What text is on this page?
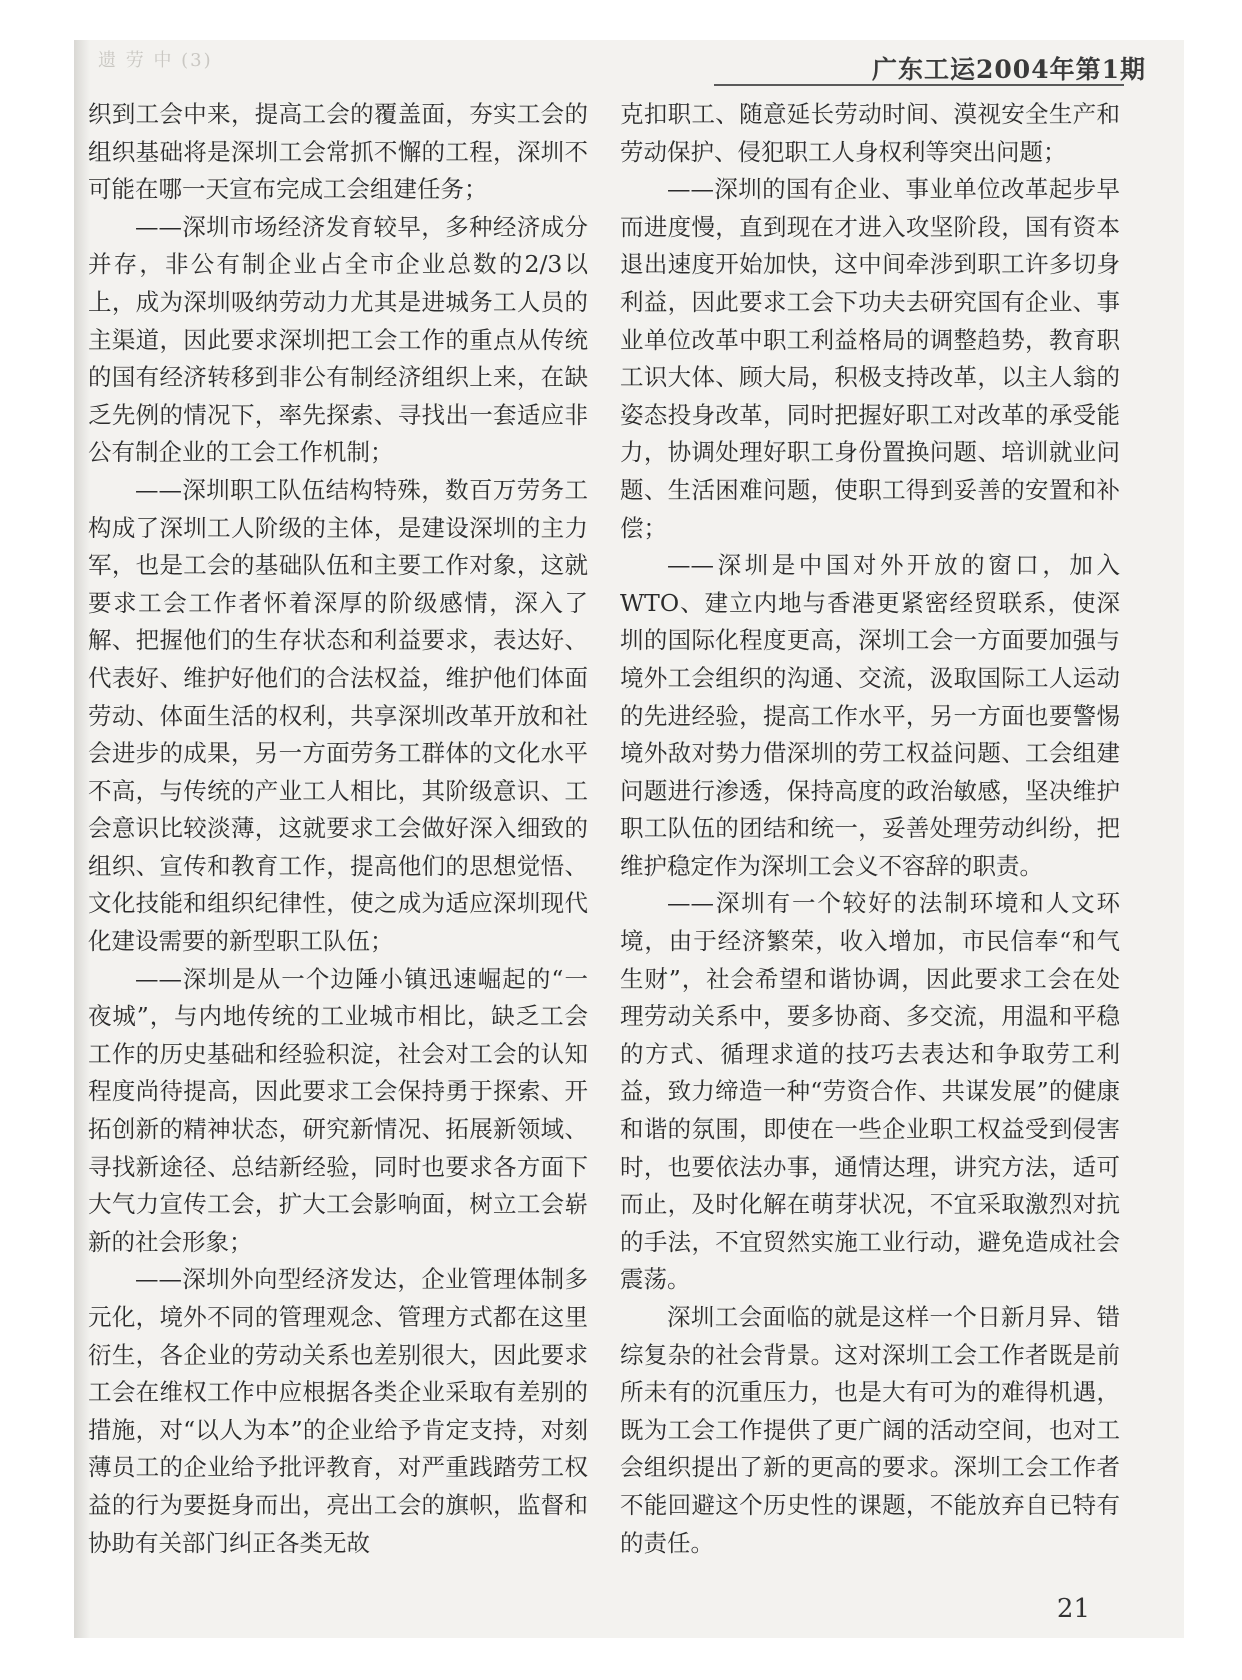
遗 劳 中 (3)	广东工运2004年第1期

织到工会中来，提高工会的覆盖面，夯实工会的组织基础将是深圳工会常抓不懈的工程，深圳不可能在哪一天宣布完成工会组建任务；

——深圳市场经济发育较早，多种经济成分并存，非公有制企业占全市企业总数的2/3以上，成为深圳吸纳劳动力尤其是进城务工人员的主渠道，因此要求深圳把工会工作的重点从传统的国有经济转移到非公有制经济组织上来，在缺乏先例的情况下，率先探索、寻找出一套适应非公有制企业的工会工作机制；

——深圳职工队伍结构特殊，数百万劳务工构成了深圳工人阶级的主体，是建设深圳的主力军，也是工会的基础队伍和主要工作对象，这就要求工会工作者怀着深厚的阶级感情，深入了解、把握他们的生存状态和利益要求，表达好、代表好、维护好他们的合法权益，维护他们体面劳动、体面生活的权利，共享深圳改革开放和社会进步的成果，另一方面劳务工群体的文化水平不高，与传统的产业工人相比，其阶级意识、工会意识比较淡薄，这就要求工会做好深入细致的组织、宣传和教育工作，提高他们的思想觉悟、文化技能和组织纪律性，使之成为适应深圳现代化建设需要的新型职工队伍；

——深圳是从一个边陲小镇迅速崛起的“一夜城”，与内地传统的工业城市相比，缺乏工会工作的历史基础和经验积淀，社会对工会的认知程度尚待提高，因此要求工会保持勇于探索、开拓创新的精神状态，研究新情况、拓展新领域、寻找新途径、总结新经验，同时也要求各方面下大气力宣传工会，扩大工会影响面，树立工会崭新的社会形象；

——深圳外向型经济发达，企业管理体制多元化，境外不同的管理观念、管理方式都在这里衍生，各企业的劳动关系也差别很大，因此要求工会在维权工作中应根据各类企业采取有差别的措施，对“以人为本”的企业给予肯定支持，对刻薄员工的企业给予批评教育，对严重践踏劳工权益的行为要挺身而出，亮出工会的旗帜，监督和协助有关部门纠正各类无故

克扣职工、随意延长劳动时间、漠视安全生产和劳动保护、侵犯职工人身权利等突出问题；

——深圳的国有企业、事业单位改革起步早而进度慢，直到现在才进入攻坚阶段，国有资本退出速度开始加快，这中间牵涉到职工许多切身利益，因此要求工会下功夫去研究国有企业、事业单位改革中职工利益格局的调整趋势，教育职工识大体、顾大局，积极支持改革，以主人翁的姿态投身改革，同时把握好职工对改革的承受能力，协调处理好职工身份置换问题、培训就业问题、生活困难问题，使职工得到妥善的安置和补偿；

——深圳是中国对外开放的窗口，加入WTO、建立内地与香港更紧密经贸联系，使深圳的国际化程度更高，深圳工会一方面要加强与境外工会组织的沟通、交流，汲取国际工人运动的先进经验，提高工作水平，另一方面也要警惕境外敌对势力借深圳的劳工权益问题、工会组建问题进行渗透，保持高度的政治敏感，坚决维护职工队伍的团结和统一，妥善处理劳动纠纷，把维护稳定作为深圳工会义不容辞的职责。

——深圳有一个较好的法制环境和人文环境，由于经济繁荣，收入增加，市民信奉“和气生财”，社会希望和谐协调，因此要求工会在处理劳动关系中，要多协商、多交流，用温和平稳的方式、循理求道的技巧去表达和争取劳工利益，致力缔造一种“劳资合作、共谋发展”的健康和谐的氛围，即使在一些企业职工权益受到侵害时，也要依法办事，通情达理，讲究方法，适可而止，及时化解在萌芽状况，不宜采取激烈对抗的手法，不宜贸然实施工业行动，避免造成社会震荡。

深圳工会面临的就是这样一个日新月异、错综复杂的社会背景。这对深圳工会工作者既是前所未有的沉重压力，也是大有可为的难得机遇，既为工会工作提供了更广阔的活动空间，也对工会组织提出了新的更高的要求。深圳工会工作者不能回避这个历史性的课题，不能放弃自已特有的责任。

21
